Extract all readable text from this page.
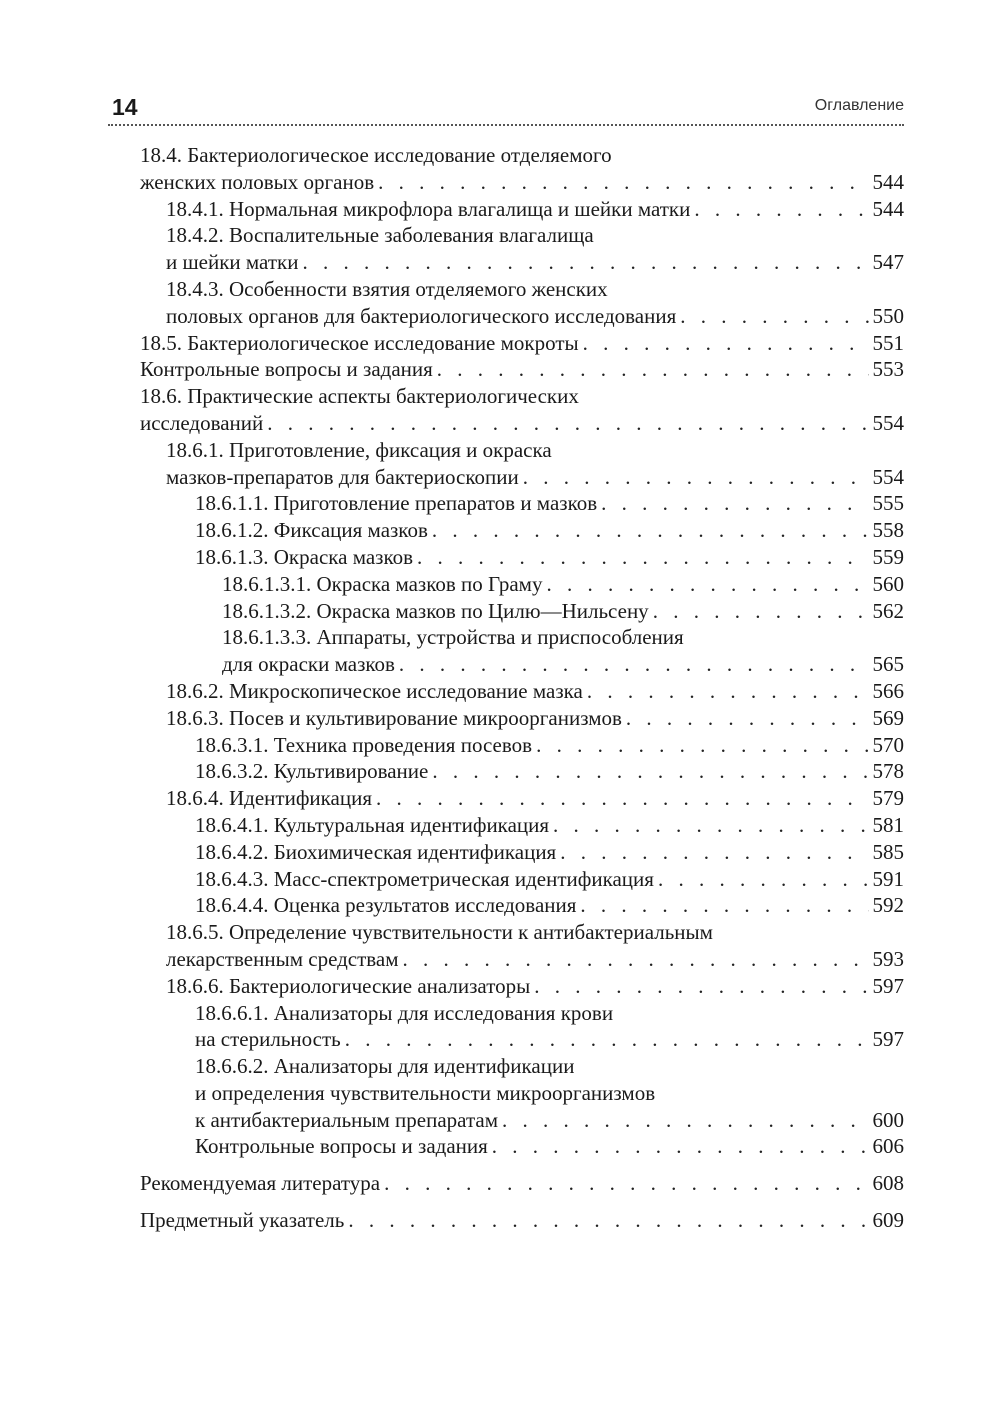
14	Оглавление
18.4. Бактериологическое исследование отделяемого
женских половых органов . . .	544
18.4.1. Нормальная микрофлора влагалища и шейки матки . . .	544
18.4.2. Воспалительные заболевания влагалища
и шейки матки . . .	547
18.4.3. Особенности взятия отделяемого женских
половых органов для бактериологического исследования . . .	550
18.5. Бактериологическое исследование мокроты . . .	551
Контрольные вопросы и задания . . .	553
18.6. Практические аспекты бактериологических
исследований . . .	554
18.6.1. Приготовление, фиксация и окраска
мазков-препаратов для бактериоскопии . . .	554
18.6.1.1. Приготовление препаратов и мазков . . .	555
18.6.1.2. Фиксация мазков . . .	558
18.6.1.3. Окраска мазков . . .	559
18.6.1.3.1. Окраска мазков по Граму . . .	560
18.6.1.3.2. Окраска мазков по Цилю—Нильсену . . .	562
18.6.1.3.3. Аппараты, устройства и приспособления
для окраски мазков . . .	565
18.6.2. Микроскопическое исследование мазка . . .	566
18.6.3. Посев и культивирование микроорганизмов . . .	569
18.6.3.1. Техника проведения посевов . . .	570
18.6.3.2. Культивирование . . .	578
18.6.4. Идентификация . . .	579
18.6.4.1. Культуральная идентификация . . .	581
18.6.4.2. Биохимическая идентификация . . .	585
18.6.4.3. Масс-спектрометрическая идентификация . . .	591
18.6.4.4. Оценка результатов исследования . . .	592
18.6.5. Определение чувствительности к антибактериальным
лекарственным средствам . . .	593
18.6.6. Бактериологические анализаторы . . .	597
18.6.6.1. Анализаторы для исследования крови
на стерильность . . .	597
18.6.6.2. Анализаторы для идентификации
и определения чувствительности микроорганизмов
к антибактериальным препаратам . . .	600
Контрольные вопросы и задания . . .	606
Рекомендуемая литература . . .	608
Предметный указатель . . .	609
